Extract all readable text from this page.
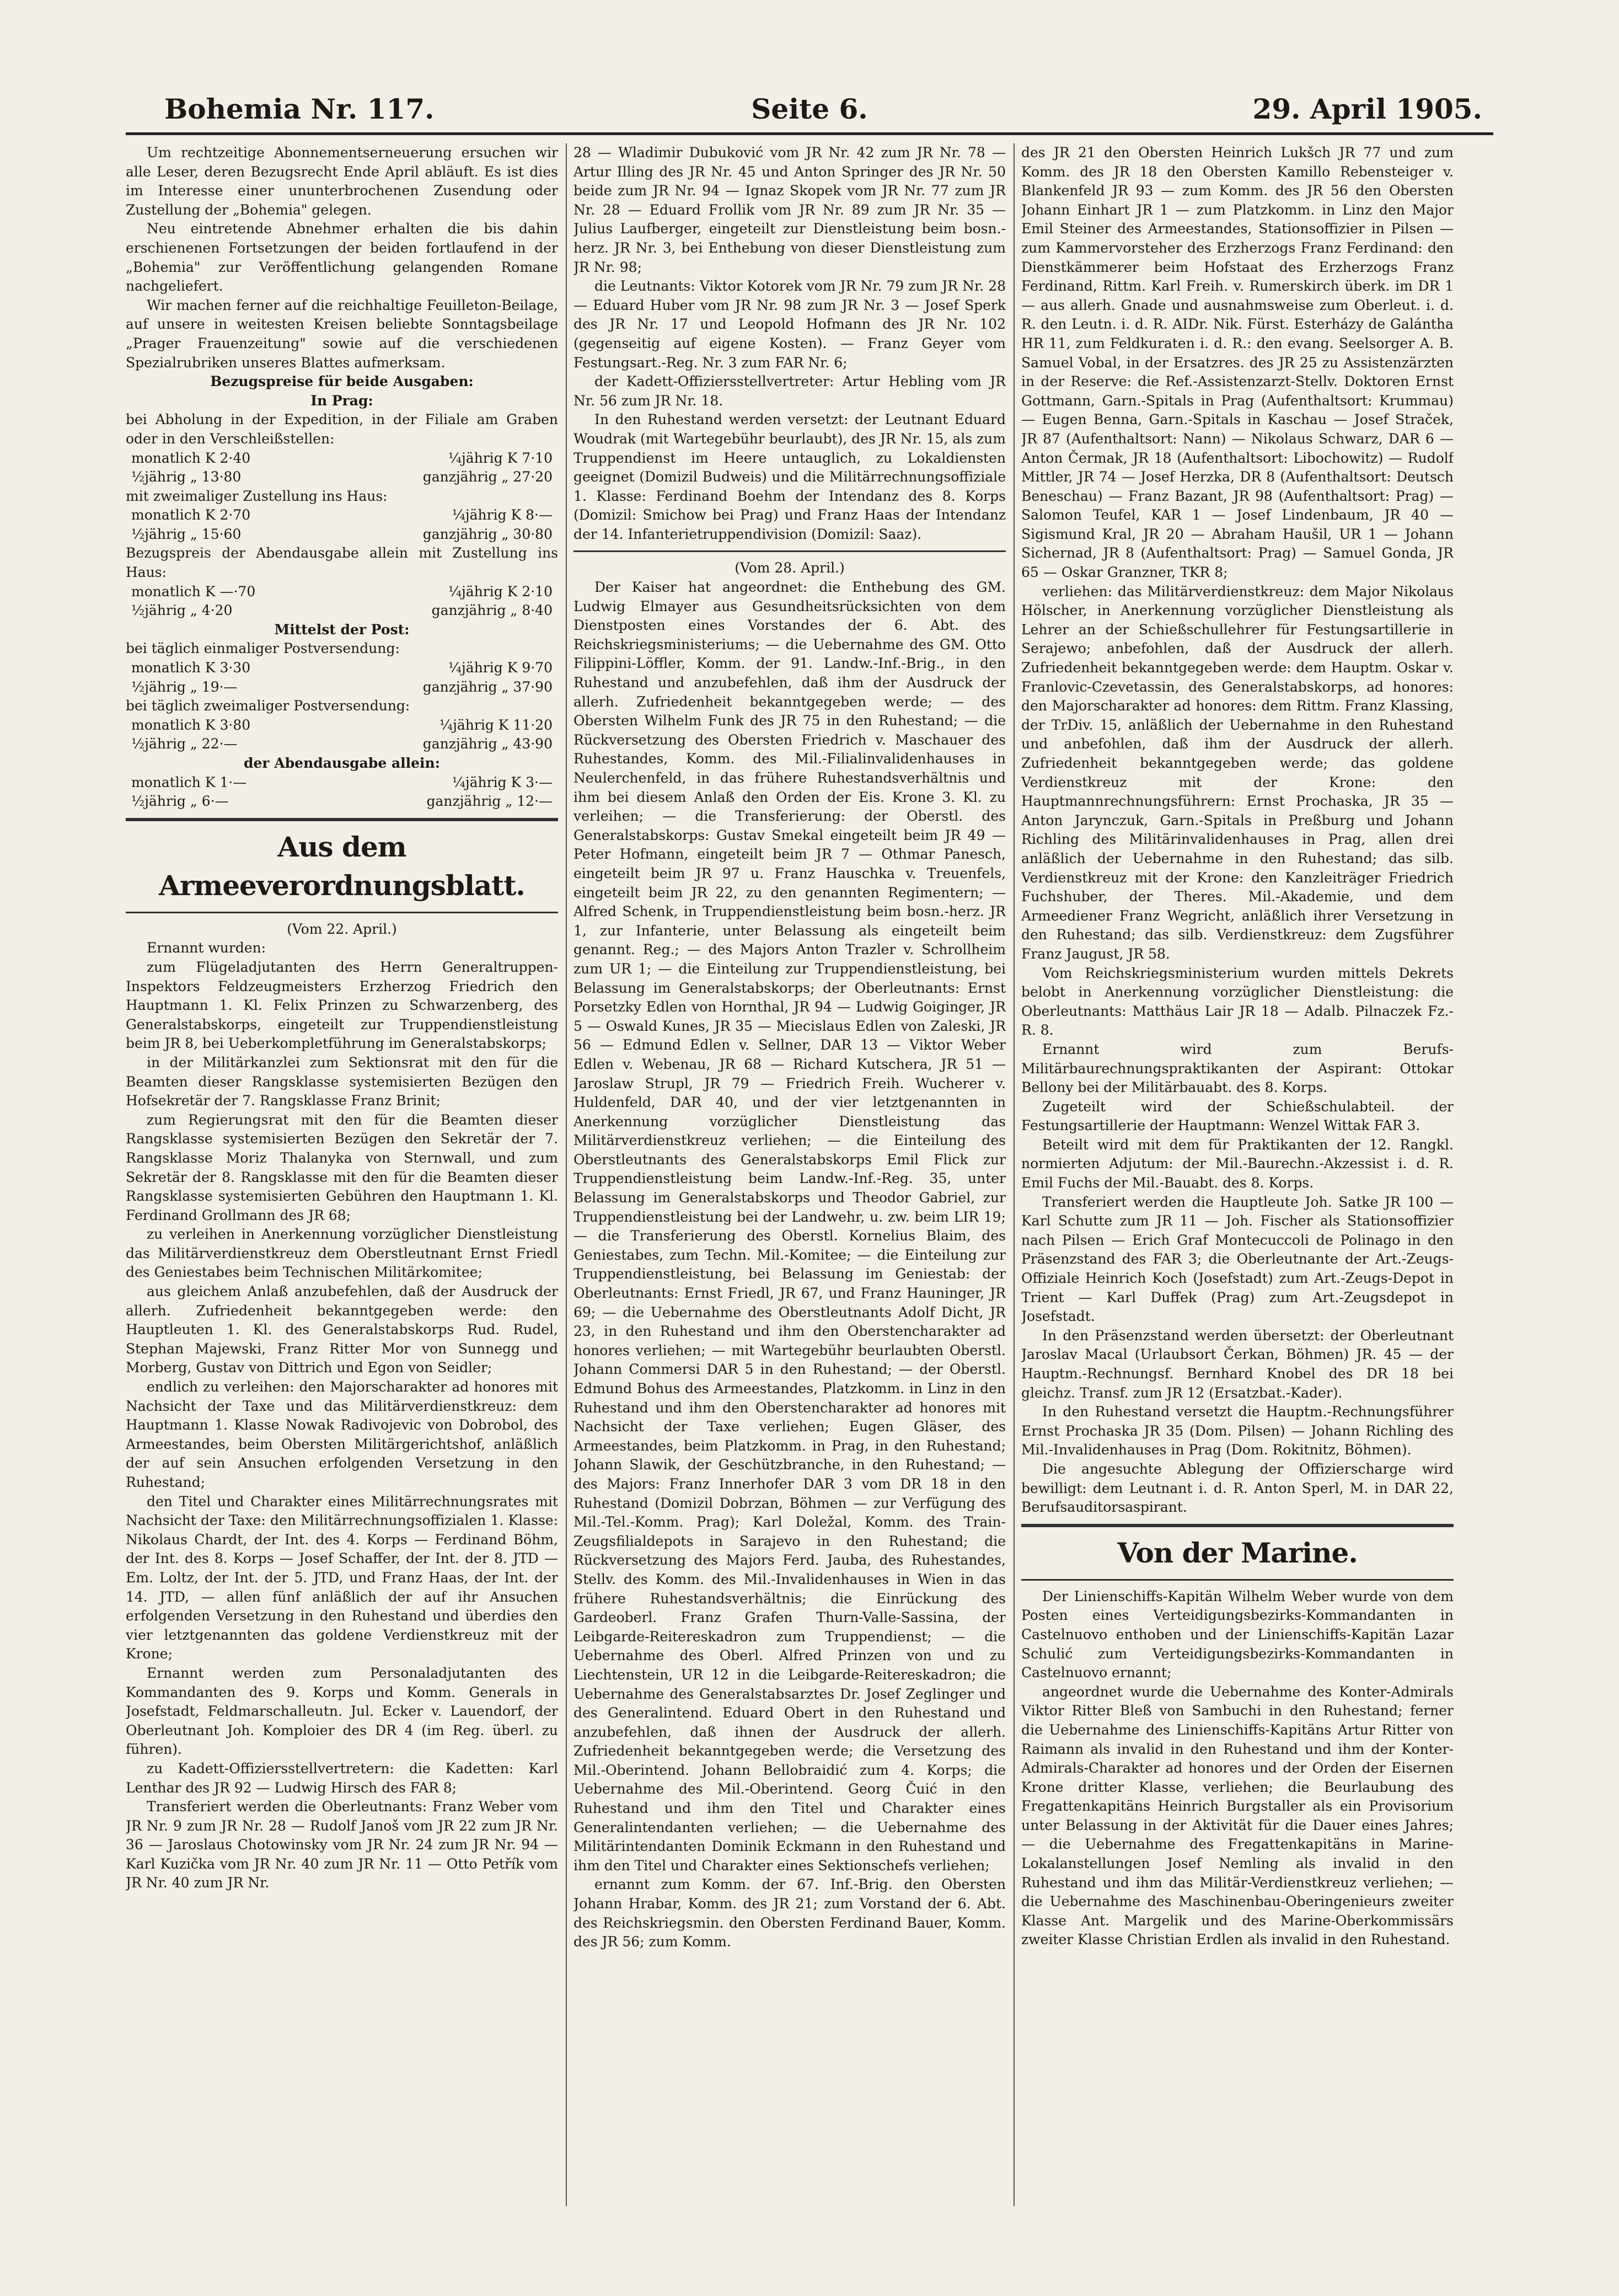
Bohemia Nr. 117.	Seite 6.	29. April 1905.

Um rechtzeitige Abonnementserneuerung ersuchen wir alle Leser, deren Bezugsrecht Ende April abläuft. Es ist dies im Interesse einer ununterbrochenen Zusendung oder Zustellung der „Bohemia" gelegen.

Neu eintretende Abnehmer erhalten die bis dahin erschienenen Fortsetzungen der beiden fortlaufend in der „Bohemia" zur Veröffentlichung gelangenden Romane nachgeliefert.

Wir machen ferner auf die reichhaltige Feuilleton-Beilage, auf unsere in weitesten Kreisen beliebte Sonntagsbeilage „Prager Frauenzeitung" sowie auf die verschiedenen Spezialrubriken unseres Blattes aufmerksam.

Bezugspreise für beide Ausgaben:

In Prag:

bei Abholung in der Expedition, in der Filiale am Graben oder in den Verschleißstellen:

monatlich K 2·40	¼jährig K 7·10
½jährig „ 13·80	ganzjährig „ 27·20

mit zweimaliger Zustellung ins Haus:

monatlich K 2·70	¼jährig K 8·—
½jährig „ 15·60	ganzjährig „ 30·80

Bezugspreis der Abendausgabe allein mit Zustellung ins Haus:

monatlich K —·70	¼jährig K 2·10
½jährig „ 4·20	ganzjährig „ 8·40

Mittelst der Post:

bei täglich einmaliger Postversendung:

monatlich K 3·30	¼jährig K 9·70
½jährig „ 19·—	ganzjährig „ 37·90

bei täglich zweimaliger Postversendung:

monatlich K 3·80	¼jährig K 11·20
½jährig „ 22·—	ganzjährig „ 43·90

der Abendausgabe allein:

monatlich K 1·—	¼jährig K 3·—
½jährig „ 6·—	ganzjährig „ 12·—
Aus dem Armeeverordnungsblatt.

(Vom 22. April.)

Ernannt wurden:

zum Flügeladjutanten des Herrn Generaltruppen-Inspektors Feldzeugmeisters Erzherzog Friedrich den Hauptmann 1. Kl. Felix Prinzen zu Schwarzenberg, des Generalstabskorps, eingeteilt zur Truppendienstleistung beim JR 8, bei Ueberkompletführung im Generalstabskorps;

in der Militärkanzlei zum Sektionsrat mit den für die Beamten dieser Rangsklasse systemisierten Bezügen den Hofsekretär der 7. Rangsklasse Franz Brinit;

zum Regierungsrat mit den für die Beamten dieser Rangsklasse systemisierten Bezügen den Sekretär der 7. Rangsklasse Moriz Thalanyka von Sternwall, und zum Sekretär der 8. Rangsklasse mit den für die Beamten dieser Rangsklasse systemisierten Gebühren den Hauptmann 1. Kl. Ferdinand Grollmann des JR 68;

zu verleihen in Anerkennung vorzüglicher Dienstleistung das Militärverdienstkreuz dem Oberstleutnant Ernst Friedl des Geniestabes beim Technischen Militärkomitee;

aus gleichem Anlaß anzubefehlen, daß der Ausdruck der allerh. Zufriedenheit bekanntgegeben werde: den Hauptleuten 1. Kl. des Generalstabskorps Rud. Rudel, Stephan Majewski, Franz Ritter Mor von Sunnegg und Morberg, Gustav von Dittrich und Egon von Seidler;

endlich zu verleihen: den Majorscharakter ad honores mit Nachsicht der Taxe und das Militärverdienstkreuz: dem Hauptmann 1. Klasse Nowak Radivojevic von Dobrobol, des Armeestandes, beim Obersten Militärgerichtshof, anläßlich der auf sein Ansuchen erfolgenden Versetzung in den Ruhestand;

den Titel und Charakter eines Militärrechnungsrates mit Nachsicht der Taxe: den Militärrechnungsoffizialen 1. Klasse: Nikolaus Chardt, der Int. des 4. Korps — Ferdinand Böhm, der Int. des 8. Korps — Josef Schaffer, der Int. der 8. JTD — Em. Loltz, der Int. der 5. JTD, und Franz Haas, der Int. der 14. JTD, — allen fünf anläßlich der auf ihr Ansuchen erfolgenden Versetzung in den Ruhestand und überdies den vier letztgenannten das goldene Verdienstkreuz mit der Krone;

Ernannt werden zum Personaladjutanten des Kommandanten des 9. Korps und Komm. Generals in Josefstadt, Feldmarschalleutn. Jul. Ecker v. Lauendorf, der Oberleutnant Joh. Komploier des DR 4 (im Reg. überl. zu führen).

zu Kadett-Offiziersstellvertretern: die Kadetten: Karl Lenthar des JR 92 — Ludwig Hirsch des FAR 8;

Transferiert werden die Oberleutnants: Franz Weber vom JR Nr. 9 zum JR Nr. 28 — Rudolf Janoš vom JR 22 zum JR Nr. 36 — Jaroslaus Chotowinsky vom JR Nr. 24 zum JR Nr. 94 — Karl Kuzička vom JR Nr. 40 zum JR Nr. 11 — Otto Petřík vom JR Nr. 40 zum JR Nr.

28 — Wladimir Dubuković vom JR Nr. 42 zum JR Nr. 78 — Artur Illing des JR Nr. 45 und Anton Springer des JR Nr. 50 beide zum JR Nr. 94 — Ignaz Skopek vom JR Nr. 77 zum JR Nr. 28 — Eduard Frollik vom JR Nr. 89 zum JR Nr. 35 — Julius Laufberger, eingeteilt zur Dienstleistung beim bosn.-herz. JR Nr. 3, bei Enthebung von dieser Dienstleistung zum JR Nr. 98;

die Leutnants: Viktor Kotorek vom JR Nr. 79 zum JR Nr. 28 — Eduard Huber vom JR Nr. 98 zum JR Nr. 3 — Josef Sperk des JR Nr. 17 und Leopold Hofmann des JR Nr. 102 (gegenseitig auf eigene Kosten). — Franz Geyer vom Festungsart.-Reg. Nr. 3 zum FAR Nr. 6;

der Kadett-Offiziersstellvertreter: Artur Hebling vom JR Nr. 56 zum JR Nr. 18.

In den Ruhestand werden versetzt: der Leutnant Eduard Woudrak (mit Wartegebühr beurlaubt), des JR Nr. 15, als zum Truppendienst im Heere untauglich, zu Lokaldiensten geeignet (Domizil Budweis) und die Militärrechnungsoffiziale 1. Klasse: Ferdinand Boehm der Intendanz des 8. Korps (Domizil: Smichow bei Prag) und Franz Haas der Intendanz der 14. Infanterietruppendivision (Domizil: Saaz).

(Vom 28. April.)

Der Kaiser hat angeordnet: die Enthebung des GM. Ludwig Elmayer aus Gesundheitsrücksichten von dem Dienstposten eines Vorstandes der 6. Abt. des Reichskriegsministeriums; — die Uebernahme des GM. Otto Filippini-Löffler, Komm. der 91. Landw.-Inf.-Brig., in den Ruhestand und anzubefehlen, daß ihm der Ausdruck der allerh. Zufriedenheit bekanntgegeben werde; — des Obersten Wilhelm Funk des JR 75 in den Ruhestand; — die Rückversetzung des Obersten Friedrich v. Maschauer des Ruhestandes, Komm. des Mil.-Filialinvalidenhauses in Neulerchenfeld, in das frühere Ruhestandsverhältnis und ihm bei diesem Anlaß den Orden der Eis. Krone 3. Kl. zu verleihen; — die Transferierung: der Oberstl. des Generalstabskorps: Gustav Smekal eingeteilt beim JR 49 — Peter Hofmann, eingeteilt beim JR 7 — Othmar Panesch, eingeteilt beim JR 97 u. Franz Hauschka v. Treuenfels, eingeteilt beim JR 22, zu den genannten Regimentern; — Alfred Schenk, in Truppendienstleistung beim bosn.-herz. JR 1, zur Infanterie, unter Belassung als eingeteilt beim genannt. Reg.; — des Majors Anton Trazler v. Schrollheim zum UR 1; — die Einteilung zur Truppendienstleistung, bei Belassung im Generalstabskorps; der Oberleutnants: Ernst Porsetzky Edlen von Hornthal, JR 94 — Ludwig Goiginger, JR 5 — Oswald Kunes, JR 35 — Miecislaus Edlen von Zaleski, JR 56 — Edmund Edlen v. Sellner, DAR 13 — Viktor Weber Edlen v. Webenau, JR 68 — Richard Kutschera, JR 51 — Jaroslaw Strupl, JR 79 — Friedrich Freih. Wucherer v. Huldenfeld, DAR 40, und der vier letztgenannten in Anerkennung vorzüglicher Dienstleistung das Militärverdienstkreuz verliehen; — die Einteilung des Oberstleutnants des Generalstabskorps Emil Flick zur Truppendienstleistung beim Landw.-Inf.-Reg. 35, unter Belassung im Generalstabskorps und Theodor Gabriel, zur Truppendienstleistung bei der Landwehr, u. zw. beim LIR 19; — die Transferierung des Oberstl. Kornelius Blaim, des Geniestabes, zum Techn. Mil.-Komitee; — die Einteilung zur Truppendienstleistung, bei Belassung im Geniestab: der Oberleutnants: Ernst Friedl, JR 67, und Franz Hauninger, JR 69; — die Uebernahme des Oberstleutnants Adolf Dicht, JR 23, in den Ruhestand und ihm den Oberstencharakter ad honores verliehen; — mit Wartegebühr beurlaubten Oberstl. Johann Commersi DAR 5 in den Ruhestand; — der Oberstl. Edmund Bohus des Armeestandes, Platzkomm. in Linz in den Ruhestand und ihm den Oberstencharakter ad honores mit Nachsicht der Taxe verliehen; Eugen Gläser, des Armeestandes, beim Platzkomm. in Prag, in den Ruhestand; Johann Slawik, der Geschützbranche, in den Ruhestand; — des Majors: Franz Innerhofer DAR 3 vom DR 18 in den Ruhestand (Domizil Dobrzan, Böhmen — zur Verfügung des Mil.-Tel.-Komm. Prag); Karl Doležal, Komm. des Train-Zeugsfilialdepots in Sarajevo in den Ruhestand; die Rückversetzung des Majors Ferd. Jauba, des Ruhestandes, Stellv. des Komm. des Mil.-Invalidenhauses in Wien in das frühere Ruhestandsverhältnis; die Einrückung des Gardeoberl. Franz Grafen Thurn-Valle-Sassina, der Leibgarde-Reitereskadron zum Truppendienst; — die Uebernahme des Oberl. Alfred Prinzen von und zu Liechtenstein, UR 12 in die Leibgarde-Reitereskadron; die Uebernahme des Generalstabsarztes Dr. Josef Zeglinger und des Generalintend. Eduard Obert in den Ruhestand und anzubefehlen, daß ihnen der Ausdruck der allerh. Zufriedenheit bekanntgegeben werde; die Versetzung des Mil.-Oberintend. Johann Bellobraidić zum 4. Korps; die Uebernahme des Mil.-Oberintend. Georg Čuić in den Ruhestand und ihm den Titel und Charakter eines Generalintendanten verliehen; — die Uebernahme des Militärintendanten Dominik Eckmann in den Ruhestand und ihm den Titel und Charakter eines Sektionschefs verliehen;

ernannt zum Komm. der 67. Inf.-Brig. den Obersten Johann Hrabar, Komm. des JR 21; zum Vorstand der 6. Abt. des Reichskriegsmin. den Obersten Ferdinand Bauer, Komm. des JR 56; zum Komm.

des JR 21 den Obersten Heinrich Lukšch JR 77 und zum Komm. des JR 18 den Obersten Kamillo Rebensteiger v. Blankenfeld JR 93 — zum Komm. des JR 56 den Obersten Johann Einhart JR 1 — zum Platzkomm. in Linz den Major Emil Steiner des Armeestandes, Stationsoffizier in Pilsen — zum Kammervorsteher des Erzherzogs Franz Ferdinand: den Dienstkämmerer beim Hofstaat des Erzherzogs Franz Ferdinand, Rittm. Karl Freih. v. Rumerskirch überk. im DR 1 — aus allerh. Gnade und ausnahmsweise zum Oberleut. i. d. R. den Leutn. i. d. R. AIDr. Nik. Fürst. Esterházy de Galántha HR 11, zum Feldkuraten i. d. R.: den evang. Seelsorger A. B. Samuel Vobal, in der Ersatzres. des JR 25 zu Assistenzärzten in der Reserve: die Ref.-Assistenzarzt-Stellv. Doktoren Ernst Gottmann, Garn.-Spitals in Prag (Aufenthaltsort: Krummau) — Eugen Benna, Garn.-Spitals in Kaschau — Josef Straček, JR 87 (Aufenthaltsort: Nann) — Nikolaus Schwarz, DAR 6 — Anton Čermak, JR 18 (Aufenthaltsort: Libochowitz) — Rudolf Mittler, JR 74 — Josef Herzka, DR 8 (Aufenthaltsort: Deutsch Beneschau) — Franz Bazant, JR 98 (Aufenthaltsort: Prag) — Salomon Teufel, KAR 1 — Josef Lindenbaum, JR 40 — Sigismund Kral, JR 20 — Abraham Haušil, UR 1 — Johann Sichernad, JR 8 (Aufenthaltsort: Prag) — Samuel Gonda, JR 65 — Oskar Granzner, TKR 8;

verliehen: das Militärverdienstkreuz: dem Major Nikolaus Hölscher, in Anerkennung vorzüglicher Dienstleistung als Lehrer an der Schießschullehrer für Festungsartillerie in Serajewo; anbefohlen, daß der Ausdruck der allerh. Zufriedenheit bekanntgegeben werde: dem Hauptm. Oskar v. Franlovic-Czevetassin, des Generalstabskorps, ad honores: den Majorscharakter ad honores: dem Rittm. Franz Klassing, der TrDiv. 15, anläßlich der Uebernahme in den Ruhestand und anbefohlen, daß ihm der Ausdruck der allerh. Zufriedenheit bekanntgegeben werde; das goldene Verdienstkreuz mit der Krone: den Hauptmannrechnungsführern: Ernst Prochaska, JR 35 — Anton Jarynczuk, Garn.-Spitals in Preßburg und Johann Richling des Militärinvalidenhauses in Prag, allen drei anläßlich der Uebernahme in den Ruhestand; das silb. Verdienstkreuz mit der Krone: den Kanzleiträger Friedrich Fuchshuber, der Theres. Mil.-Akademie, und dem Armeediener Franz Wegricht, anläßlich ihrer Versetzung in den Ruhestand; das silb. Verdienstkreuz: dem Zugsführer Franz Jaugust, JR 58.

Vom Reichskriegsministerium wurden mittels Dekrets belobt in Anerkennung vorzüglicher Dienstleistung: die Oberleutnants: Matthäus Lair JR 18 — Adalb. Pilnaczek Fz.-R. 8.

Ernannt wird zum Berufs-Militärbaurechnungspraktikanten der Aspirant: Ottokar Bellony bei der Militärbauabt. des 8. Korps.

Zugeteilt wird der Schießschulabteil. der Festungsartillerie der Hauptmann: Wenzel Wittak FAR 3.

Beteilt wird mit dem für Praktikanten der 12. Rangkl. normierten Adjutum: der Mil.-Baurechn.-Akzessist i. d. R. Emil Fuchs der Mil.-Bauabt. des 8. Korps.

Transferiert werden die Hauptleute Joh. Satke JR 100 — Karl Schutte zum JR 11 — Joh. Fischer als Stationsoffizier nach Pilsen — Erich Graf Montecuccoli de Polinago in den Präsenzstand des FAR 3; die Oberleutnante der Art.-Zeugs-Offiziale Heinrich Koch (Josefstadt) zum Art.-Zeugs-Depot in Trient — Karl Duffek (Prag) zum Art.-Zeugsdepot in Josefstadt.

In den Präsenzstand werden übersetzt: der Oberleutnant Jaroslav Macal (Urlaubsort Čerkan, Böhmen) JR. 45 — der Hauptm.-Rechnungsf. Bernhard Knobel des DR 18 bei gleichz. Transf. zum JR 12 (Ersatzbat.-Kader).

In den Ruhestand versetzt die Hauptm.-Rechnungsführer Ernst Prochaska JR 35 (Dom. Pilsen) — Johann Richling des Mil.-Invalidenhauses in Prag (Dom. Rokitnitz, Böhmen).

Die angesuchte Ablegung der Offizierscharge wird bewilligt: dem Leutnant i. d. R. Anton Sperl, M. in DAR 22, Berufsauditorsaspirant.

Von der Marine.

Der Linienschiffs-Kapitän Wilhelm Weber wurde von dem Posten eines Verteidigungsbezirks-Kommandanten in Castelnuovo enthoben und der Linienschiffs-Kapitän Lazar Schulić zum Verteidigungsbezirks-Kommandanten in Castelnuovo ernannt;

angeordnet wurde die Uebernahme des Konter-Admirals Viktor Ritter Bleß von Sambuchi in den Ruhestand; ferner die Uebernahme des Linienschiffs-Kapitäns Artur Ritter von Raimann als invalid in den Ruhestand und ihm der Konter-Admirals-Charakter ad honores und der Orden der Eisernen Krone dritter Klasse, verliehen; die Beurlaubung des Fregattenkapitäns Heinrich Burgstaller als ein Provisorium unter Belassung in der Aktivität für die Dauer eines Jahres; — die Uebernahme des Fregattenkapitäns in Marine-Lokalanstellungen Josef Nemling als invalid in den Ruhestand und ihm das Militär-Verdienstkreuz verliehen; — die Uebernahme des Maschinenbau-Oberingenieurs zweiter Klasse Ant. Margelik und des Marine-Oberkommissärs zweiter Klasse Christian Erdlen als invalid in den Ruhestand.
